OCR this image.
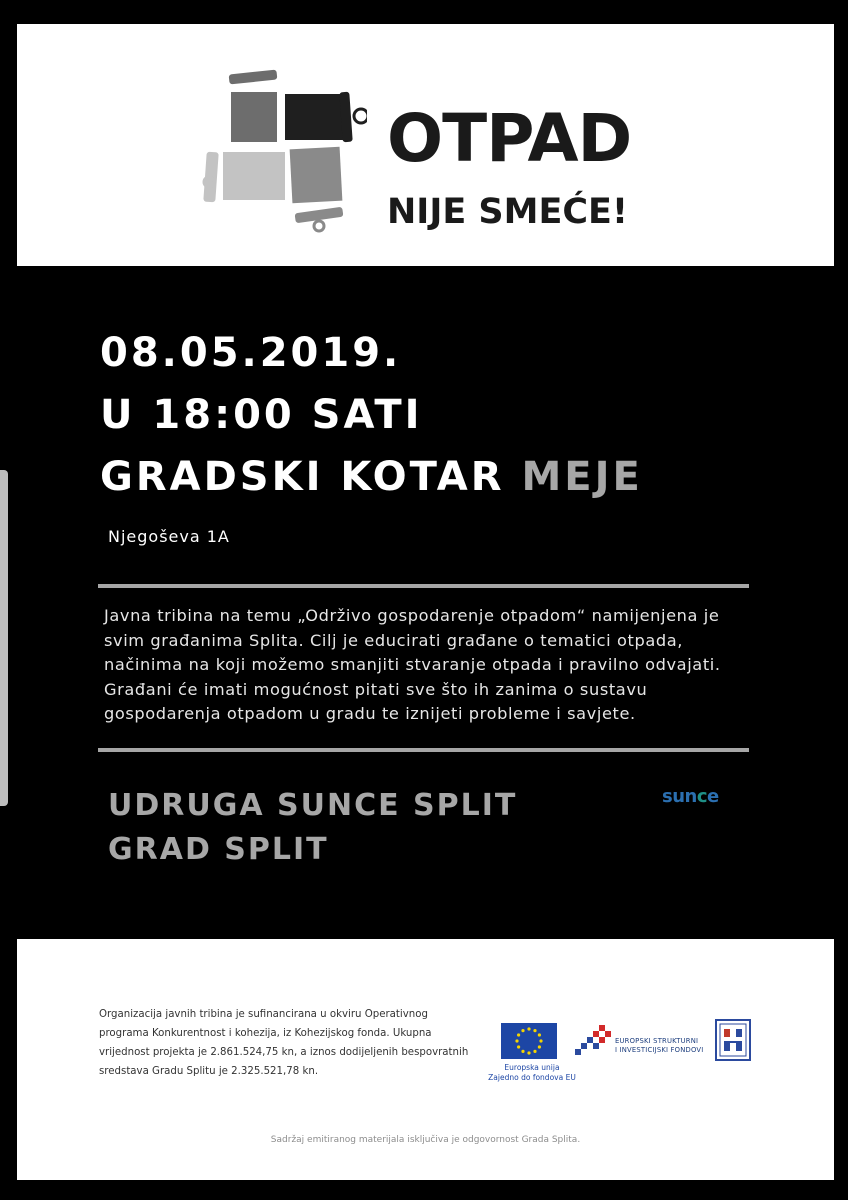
OTPAD
NIJE SMEĆE!
08.05.2019.
U 18:00 SATI
GRADSKI KOTAR MEJE
Njegoševa 1A
Javna tribina na temu „Održivo gospodarenje otpadom“ namijenjena je svim građanima Splita. Cilj je educirati građane o tematici otpada, načinima na koji možemo smanjiti stvaranje otpada i pravilno odvajati. Građani će imati mogućnost pitati sve što ih zanima o sustavu gospodarenja otpadom u gradu te iznijeti probleme i savjete.
UDRUGA SUNCE SPLIT
GRAD SPLIT
sunce
Organizacija javnih tribina je sufinancirana u okviru Operativnog programa Konkurentnost i kohezija, iz Kohezijskog fonda. Ukupna vrijednost projekta je 2.861.524,75 kn, a iznos dodijeljenih bespovratnih sredstava Gradu Splitu je 2.325.521,78 kn.	Europska unija
Zajedno do fondova EU
EUROPSKI STRUKTURNI
I INVESTICIJSKI FONDOVI
Sadržaj emitiranog materijala isključiva je odgovornost Grada Splita.
